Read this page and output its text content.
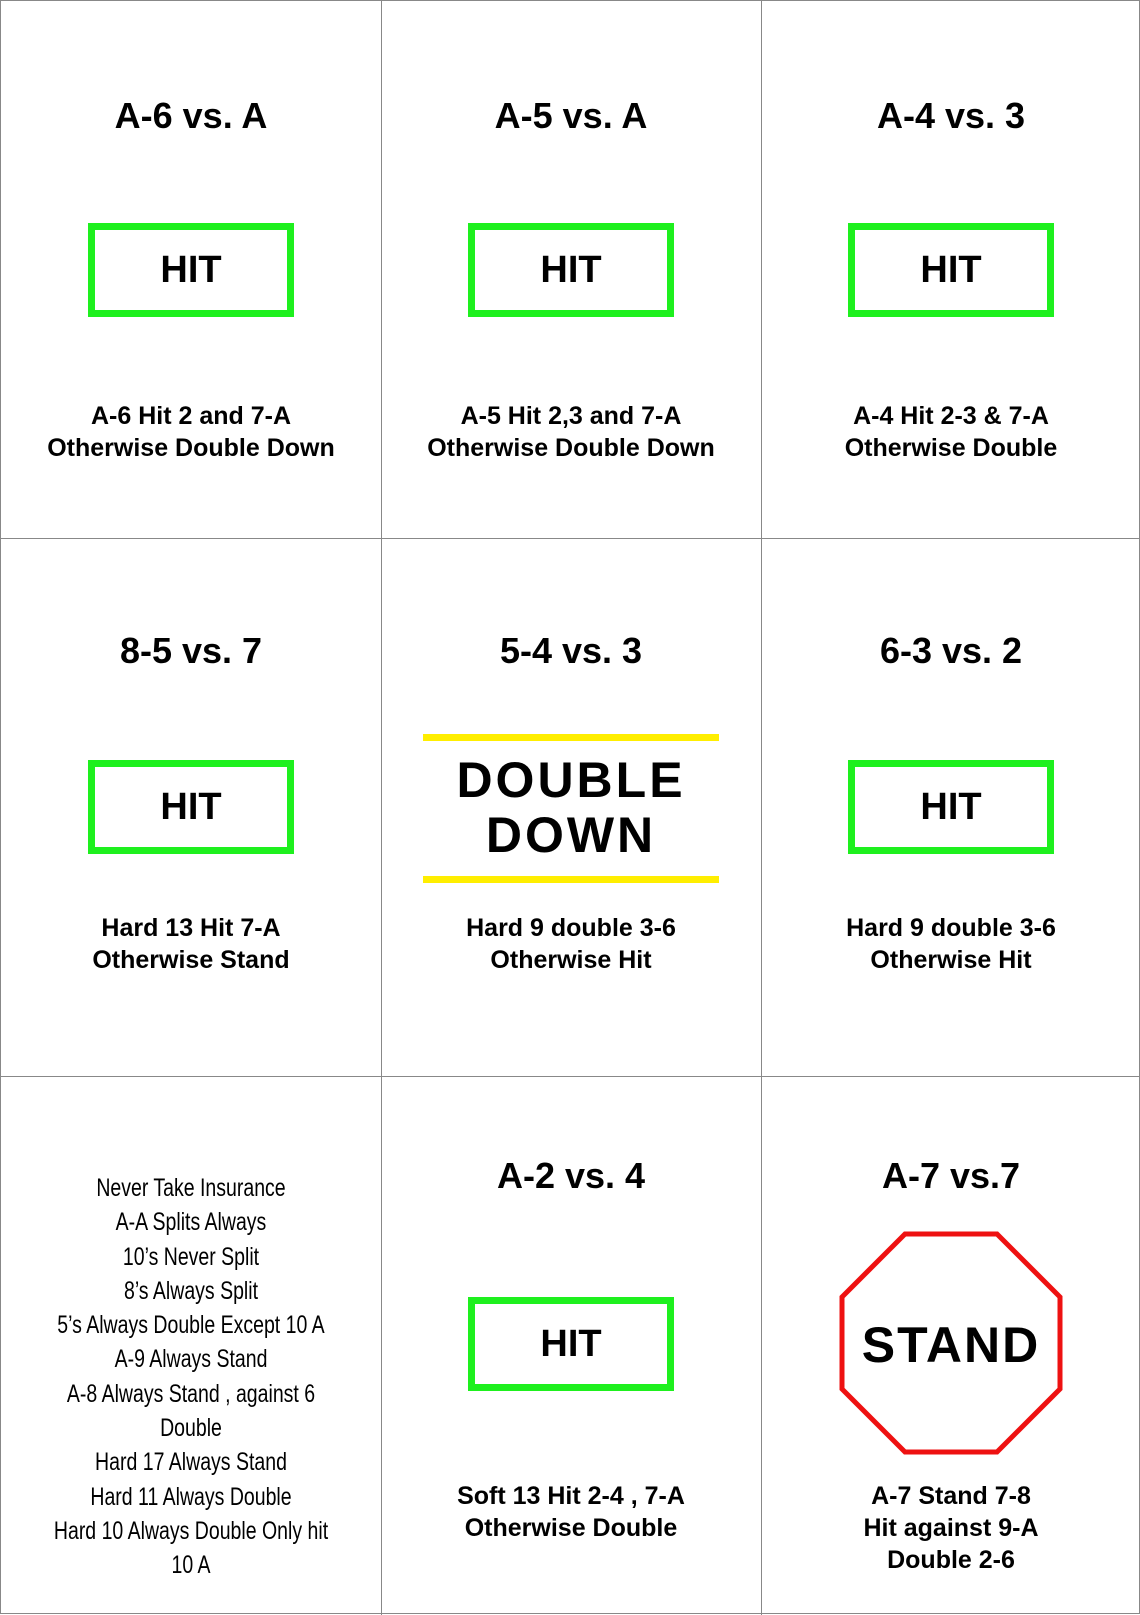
A-6 vs. A
HIT
A-6 Hit 2 and 7-A
Otherwise Double Down
A-5 vs. A
HIT
A-5 Hit 2,3 and 7-A
Otherwise Double Down
A-4 vs. 3
HIT
A-4 Hit 2-3 & 7-A
Otherwise Double
8-5 vs. 7
HIT
Hard 13 Hit 7-A
Otherwise Stand
5-4 vs. 3
DOUBLE
DOWN
Hard 9 double 3-6
Otherwise Hit
6-3 vs. 2
HIT
Hard 9 double 3-6
Otherwise Hit
Never Take Insurance
A-A Splits Always
10’s Never Split
8’s Always Split
5’s Always Double Except 10 A
A-9 Always Stand
A-8 Always Stand , against 6 Double
Hard 17 Always Stand
Hard 11 Always Double
Hard 10 Always Double Only hit 10 A
A-2 vs. 4
HIT
Soft 13 Hit 2-4 , 7-A
Otherwise Double
A-7 vs.7
STAND
A-7 Stand 7-8
Hit against 9-A
Double 2-6
